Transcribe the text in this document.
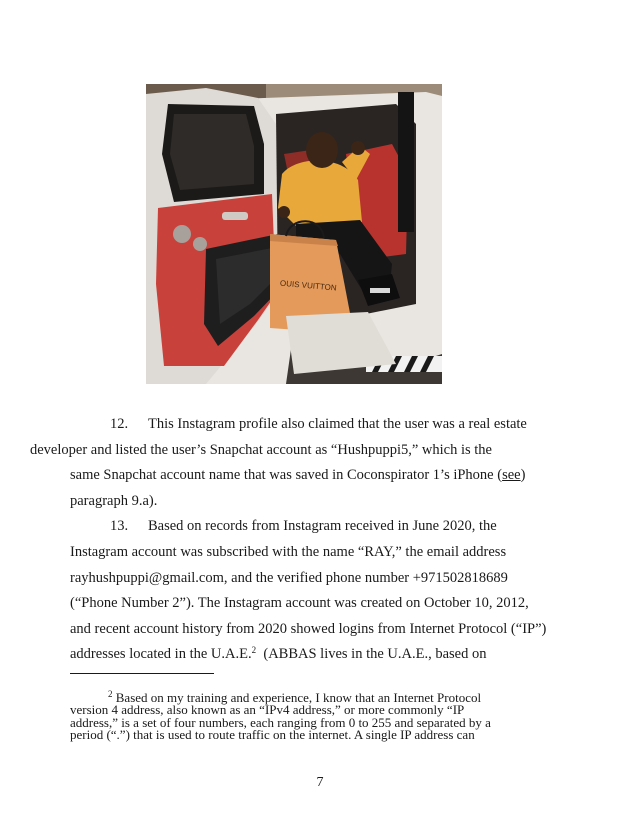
OUIS VUITTON

12. This Instagram profile also claimed that the user was a real estate
developer and listed the user’s Snapchat account as “Hushpuppi5,” which is the
same Snapchat account name that was saved in Coconspirator 1’s iPhone (see)
paragraph 9.a).

13. Based on records from Instagram received in June 2020, the
Instagram account was subscribed with the name “RAY,” the email address
rayhushpuppi@gmail.com, and the verified phone number +971502818689
(“Phone Number 2”). The Instagram account was created on October 10, 2012,
and recent account history from 2020 showed logins from Internet Protocol (“IP”)
addresses located in the U.A.E.$^2$  (ABBAS lives in the U.A.E., based on

$^2$ Based on my training and experience, I know that an Internet Protocol
version 4 address, also known as an “IPv4 address,” or more commonly “IP
address,” is a set of four numbers, each ranging from 0 to 255 and separated by a
period (“.”) that is used to route traffic on the internet. A single IP address can
7
